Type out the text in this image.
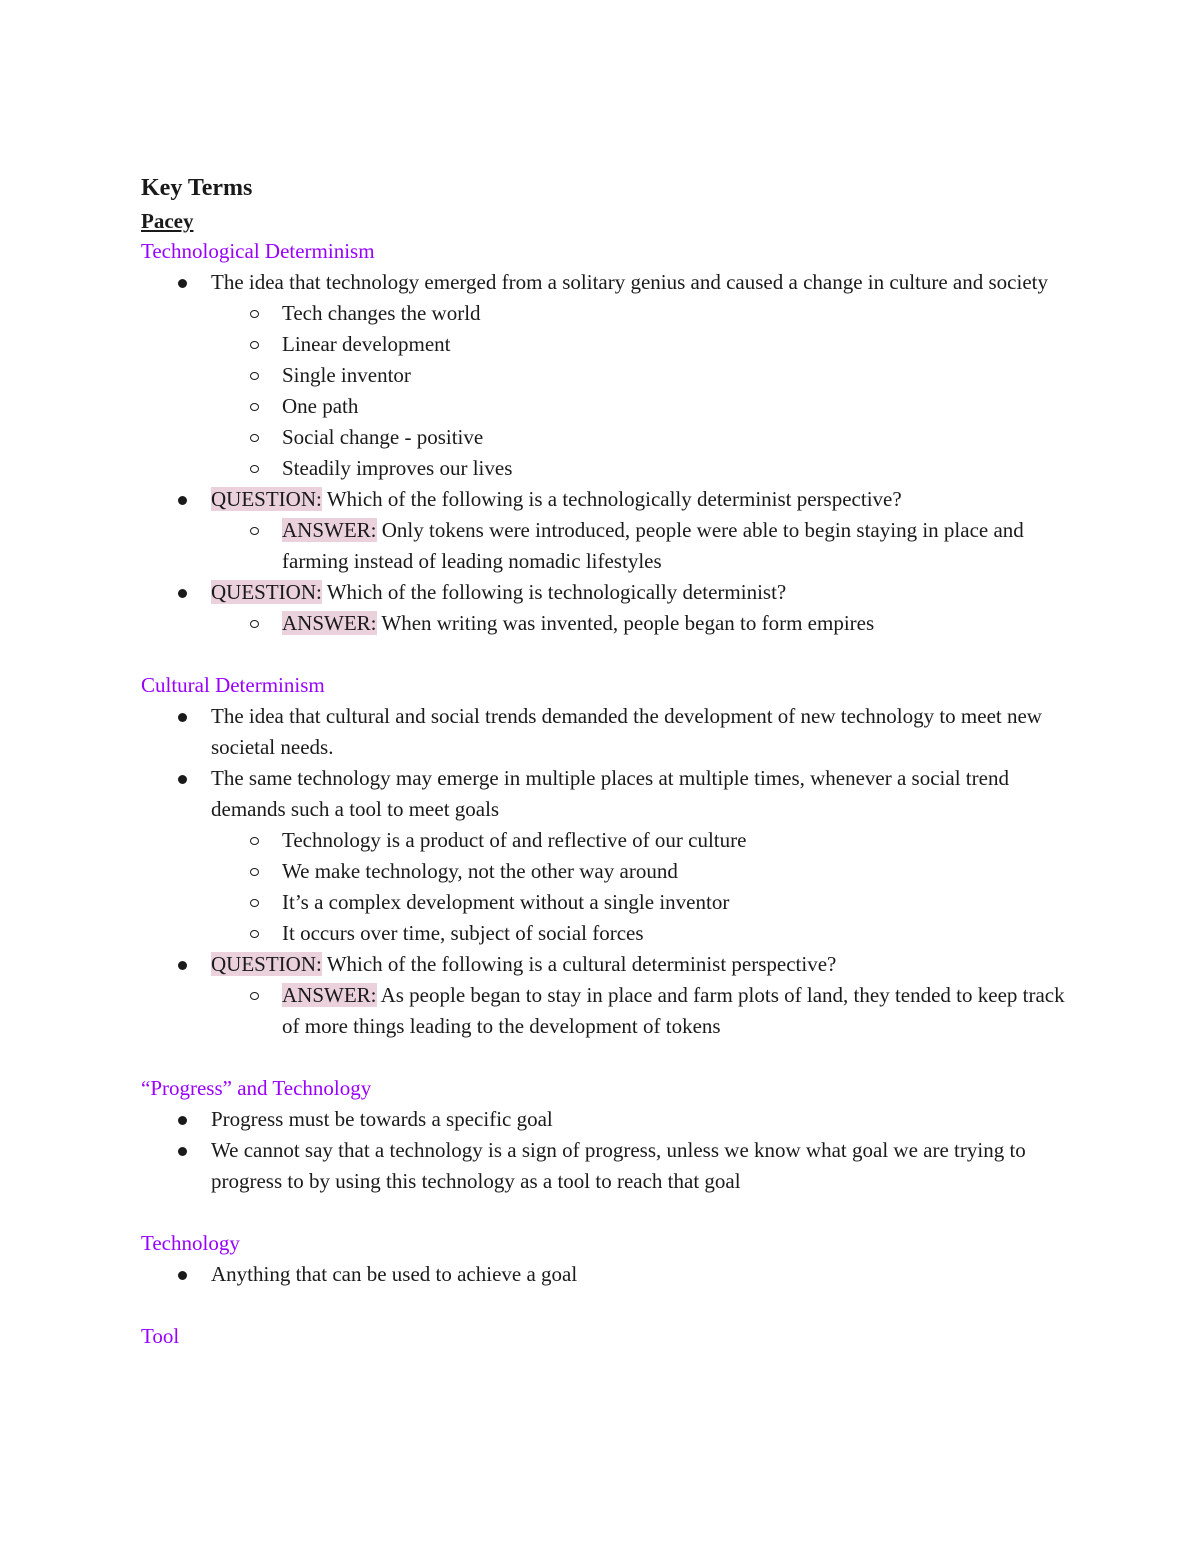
Key Terms
Pacey

Technological Determinism

The idea that technology emerged from a solitary genius and caused a change in culture and society
Tech changes the world
Linear development
Single inventor
One path
Social change - positive
Steadily improves our lives
QUESTION: Which of the following is a technologically determinist perspective?
ANSWER: Only tokens were introduced, people were able to begin staying in place and farming instead of leading nomadic lifestyles
QUESTION: Which of the following is technologically determinist?
ANSWER: When writing was invented, people began to form empires

Cultural Determinism

The idea that cultural and social trends demanded the development of new technology to meet new societal needs.
The same technology may emerge in multiple places at multiple times, whenever a social trend demands such a tool to meet goals
Technology is a product of and reflective of our culture
We make technology, not the other way around
It’s a complex development without a single inventor
It occurs over time, subject of social forces
QUESTION: Which of the following is a cultural determinist perspective?
ANSWER: As people began to stay in place and farm plots of land, they tended to keep track of more things leading to the development of tokens

“Progress” and Technology

Progress must be towards a specific goal
We cannot say that a technology is a sign of progress, unless we know what goal we are trying to progress to by using this technology as a tool to reach that goal

Technology

Anything that can be used to achieve a goal

Tool
